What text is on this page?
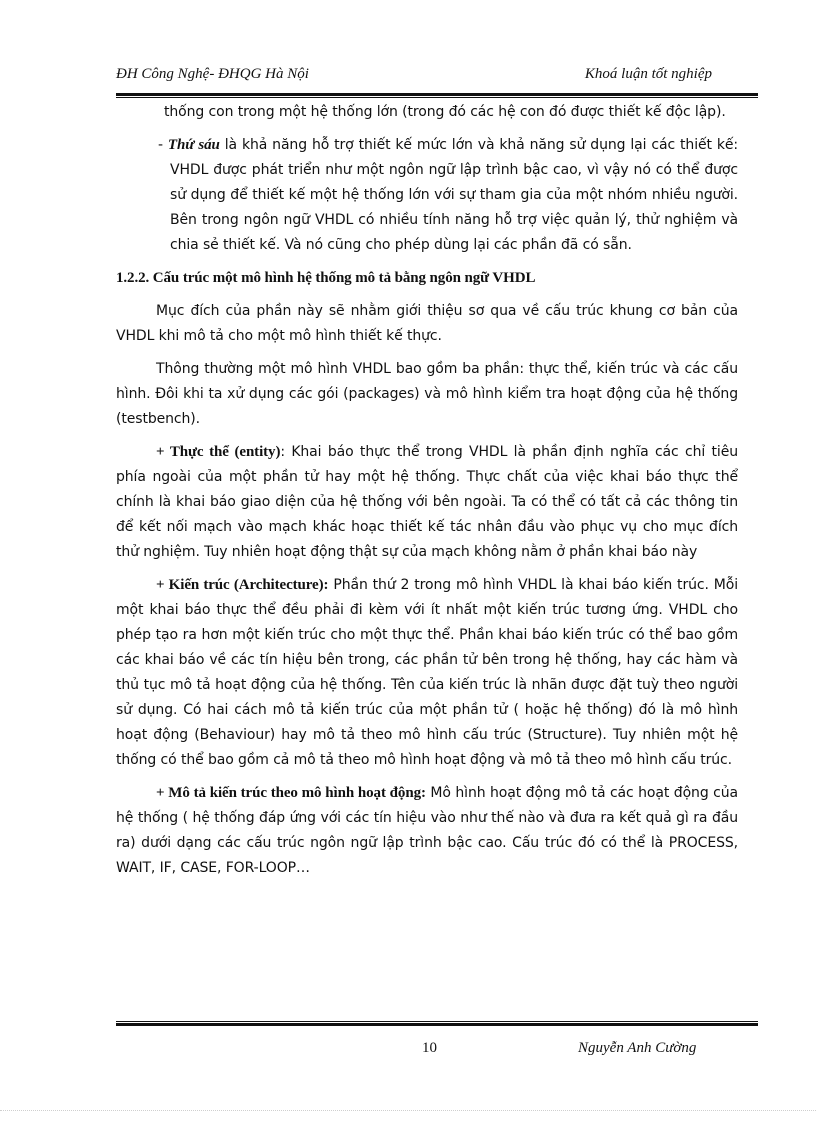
ĐH Công Nghệ- ĐHQG Hà Nội	Khoá luận tốt nghiệp

thống con trong một hệ thống lớn (trong đó các hệ con đó được thiết kế độc lập).

- Thứ sáu là khả năng hỗ trợ thiết kế mức lớn và khả năng sử dụng lại các thiết kế: VHDL được phát triển như một ngôn ngữ lập trình bậc cao, vì vậy nó có thể được sử dụng để thiết kế một hệ thống lớn với sự tham gia của một nhóm nhiều người. Bên trong ngôn ngữ VHDL có nhiều tính năng hỗ trợ việc quản lý, thử nghiệm và chia sẻ thiết kế. Và nó cũng cho phép dùng lại các phần đã có sẵn.

1.2.2. Cấu trúc một mô hình hệ thống mô tả bằng ngôn ngữ VHDL

Mục đích của phần này sẽ nhằm giới thiệu sơ qua về cấu trúc khung cơ bản của VHDL khi mô tả cho một mô hình thiết kế thực.

Thông thường một mô hình VHDL bao gồm ba phần: thực thể, kiến trúc và các cấu hình. Đôi khi ta xử dụng các gói (packages) và mô hình kiểm tra hoạt động của hệ thống (testbench).

+ Thực thể (entity): Khai báo thực thể trong VHDL là phần định nghĩa các chỉ tiêu phía ngoài của một phần tử hay một hệ thống. Thực chất của việc khai báo thực thể chính là khai báo giao diện của hệ thống với bên ngoài. Ta có thể có tất cả các thông tin để kết nối mạch vào mạch khác hoạc thiết kế tác nhân đầu vào phục vụ cho mục đích thử nghiệm. Tuy nhiên hoạt động thật sự của mạch không nằm ở phần khai báo này

+ Kiến trúc (Architecture): Phần thứ 2 trong mô hình VHDL là khai báo kiến trúc. Mỗi một khai báo thực thể đều phải đi kèm với ít nhất một kiến trúc tương ứng. VHDL cho phép tạo ra hơn một kiến trúc cho một thực thể. Phần khai báo kiến trúc có thể bao gồm các khai báo về các tín hiệu bên trong, các phần tử bên trong hệ thống, hay các hàm và thủ tục mô tả hoạt động của hệ thống. Tên của kiến trúc là nhãn được đặt tuỳ theo người sử dụng. Có hai cách mô tả kiến trúc của một phần tử ( hoặc hệ thống) đó là mô hình hoạt động (Behaviour) hay mô tả theo mô hình cấu trúc (Structure). Tuy nhiên một hệ thống có thể bao gồm cả mô tả theo mô hình hoạt động và mô tả theo mô hình cấu trúc.

+ Mô tả kiến trúc theo mô hình hoạt động: Mô hình hoạt động mô tả các hoạt động của hệ thống ( hệ thống đáp ứng với các tín hiệu vào như thế nào và đưa ra kết quả gì ra đầu ra) dưới dạng các cấu trúc ngôn ngữ lập trình bậc cao. Cấu trúc đó có thể là PROCESS, WAIT, IF, CASE, FOR-LOOP…

10	Nguyễn Anh Cường
